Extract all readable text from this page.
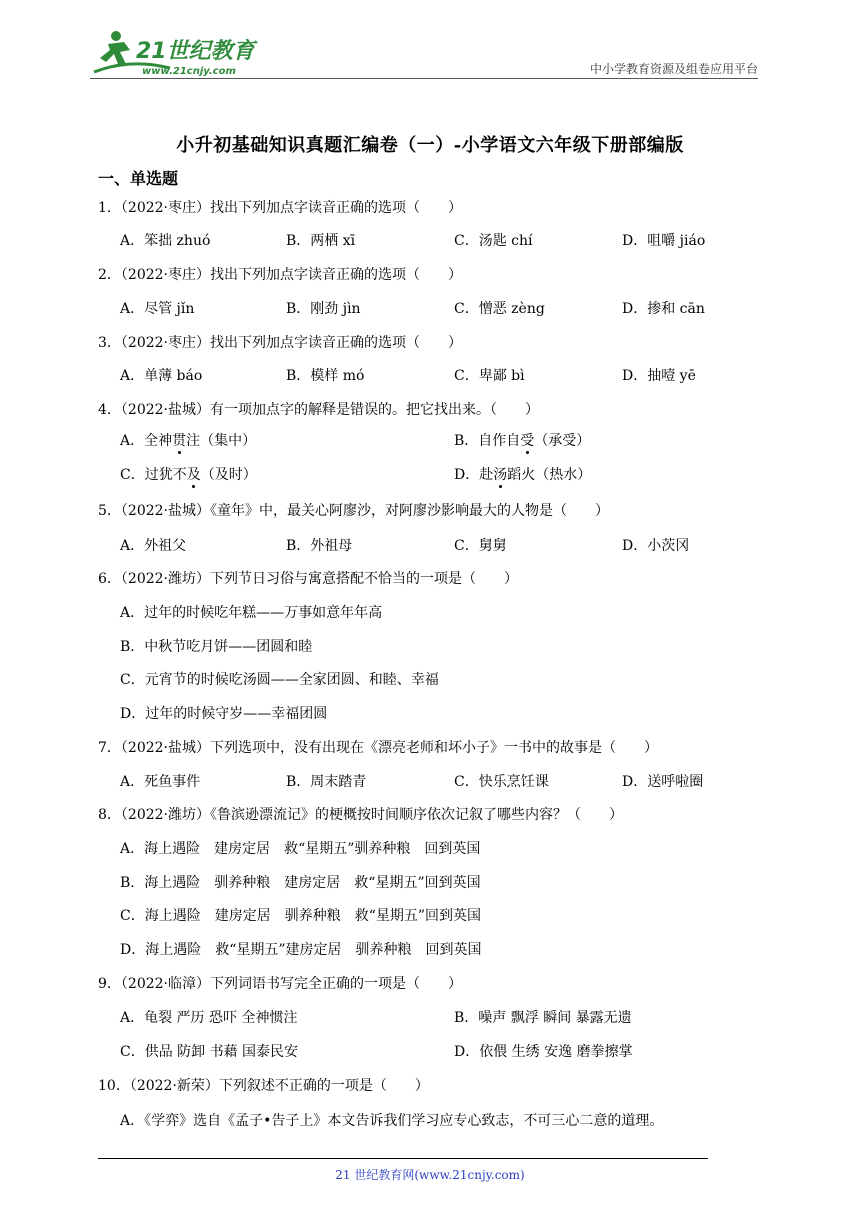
21世纪教育
www.21cnjy.com	中小学教育资源及组卷应用平台
小升初基础知识真题汇编卷（一）-小学语文六年级下册部编版
一、单选题
1．（2022·枣庄）找出下列加点字读音正确的选项（　　）
A．笨拙 zhuó	B．两栖 xī	C．汤匙 chí	D．咀嚼 jiáo
2．（2022·枣庄）找出下列加点字读音正确的选项（　　）
A．尽管 jǐn	B．刚劲 jìn	C．憎恶 zèng	D．掺和 cān
3．（2022·枣庄）找出下列加点字读音正确的选项（　　）
A．单薄 báo	B．模样 mó	C．卑鄙 bì	D．抽噎 yē
4．（2022·盐城）有一项加点字的解释是错误的。把它找出来。（　　）
A．全神贯注（集中）	B．自作自受（承受）
C．过犹不及（及时）	D．赴汤蹈火（热水）
5．（2022·盐城）《童年》中，最关心阿廖沙，对阿廖沙影响最大的人物是（　　）
A．外祖父	B．外祖母	C．舅舅	D．小茨冈
6．（2022·潍坊）下列节日习俗与寓意搭配不恰当的一项是（　　）
A．过年的时候吃年糕——万事如意年年高
B．中秋节吃月饼——团圆和睦
C．元宵节的时候吃汤圆——全家团圆、和睦、幸福
D．过年的时候守岁——幸福团圆
7．（2022·盐城）下列选项中，没有出现在《漂亮老师和坏小子》一书中的故事是（　　）
A．死鱼事件	B．周末踏青	C．快乐烹饪课	D．送呼啦圈
8．（2022·潍坊）《鲁滨逊漂流记》的梗概按时间顺序依次记叙了哪些内容？（　　）
A．海上遇险　建房定居　救“星期五”驯养种粮　回到英国
B．海上遇险　驯养种粮　建房定居　救“星期五”回到英国
C．海上遇险　建房定居　驯养种粮　救“星期五”回到英国
D．海上遇险　救“星期五”建房定居　驯养种粮　回到英国
9．（2022·临漳）下列词语书写完全正确的一项是（　　）
A．龟裂 严历 恐吓 全神惯注	B．噪声 飘浮 瞬间 暴露无遗
C．供品 防卸 书藉 国泰民安	D．依偎 生绣 安逸 磨拳擦掌
10．（2022·新荣）下列叙述不正确的一项是（　　）
A．《学弈》选自《孟子•告子上》本文告诉我们学习应专心致志，不可三心二意的道理。
21 世纪教育网(www.21cnjy.com)
